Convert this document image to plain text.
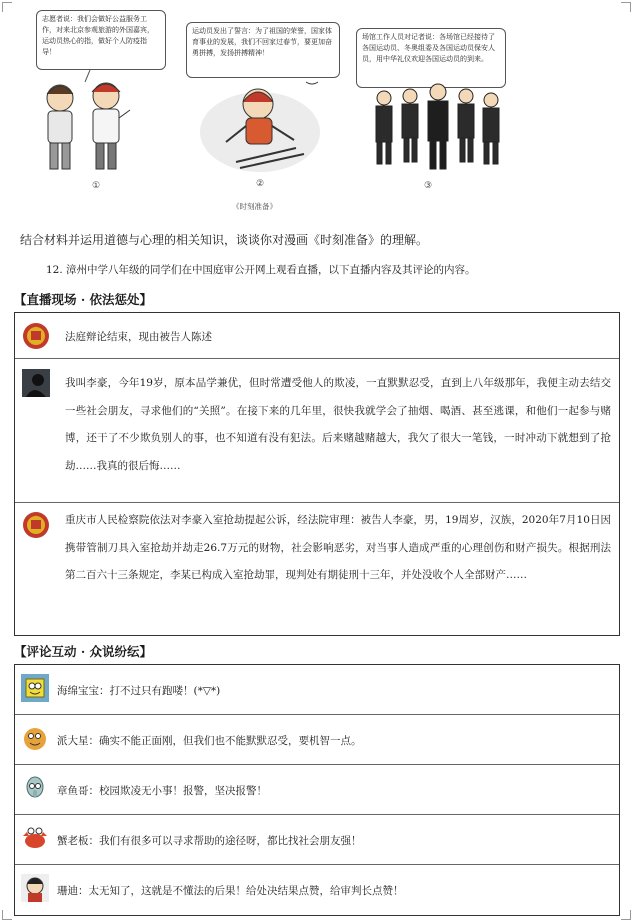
志愿者说：我们会做好公益服务工作，对来北京参观旅游的外国嘉宾，运动员热心的指，做好个人防疫指导！
运动员发出了誓言：为了祖国的荣誉，国家体育事业的发展，我们不回家过春节，要更加奋勇拼搏，发扬拼搏精神！
场馆工作人员对记者说：各场馆已经接待了各国运动员、冬奥组委及各国运动员保安人员，用中华礼仪欢迎各国运动员的到来。
①	②	③
《时刻准备》
结合材料并运用道德与心理的相关知识，谈谈你对漫画《时刻准备》的理解。
12. 漳州中学八年级的同学们在中国庭审公开网上观看直播，以下直播内容及其评论的内容。
【直播现场 · 依法惩处】
法庭辩论结束，现由被告人陈述
我叫李豪，今年19岁，原本品学兼优，但时常遭受他人的欺凌，一直默默忍受，直到上八年级那年，我便主动去结交一些社会朋友，寻求他们的“关照”。在接下来的几年里，很快我就学会了抽烟、喝酒、甚至逃课，和他们一起参与赌博，还干了不少欺负别人的事，也不知道有没有犯法。后来赌越赌越大，我欠了很大一笔钱，一时冲动下就想到了抢劫……我真的很后悔……
重庆市人民检察院依法对李豪入室抢劫提起公诉，经法院审理：被告人李豪，男，19周岁，汉族，2020年7月10日因携带管制刀具入室抢劫并劫走26.7万元的财物，社会影响恶劣，对当事人造成严重的心理创伤和财产损失。根据刑法第二百六十三条规定，李某已构成入室抢劫罪，现判处有期徒刑十三年，并处没收个人全部财产……
【评论互动 · 众说纷纭】
海绵宝宝：打不过只有跑喽！(*▽*)
派大星：确实不能正面刚，但我们也不能默默忍受，要机智一点。
章鱼哥：校园欺凌无小事！报警，坚决报警！
蟹老板：我们有很多可以寻求帮助的途径呀，都比找社会朋友强！
珊迪：太无知了，这就是不懂法的后果！给处决结果点赞，给审判长点赞！
